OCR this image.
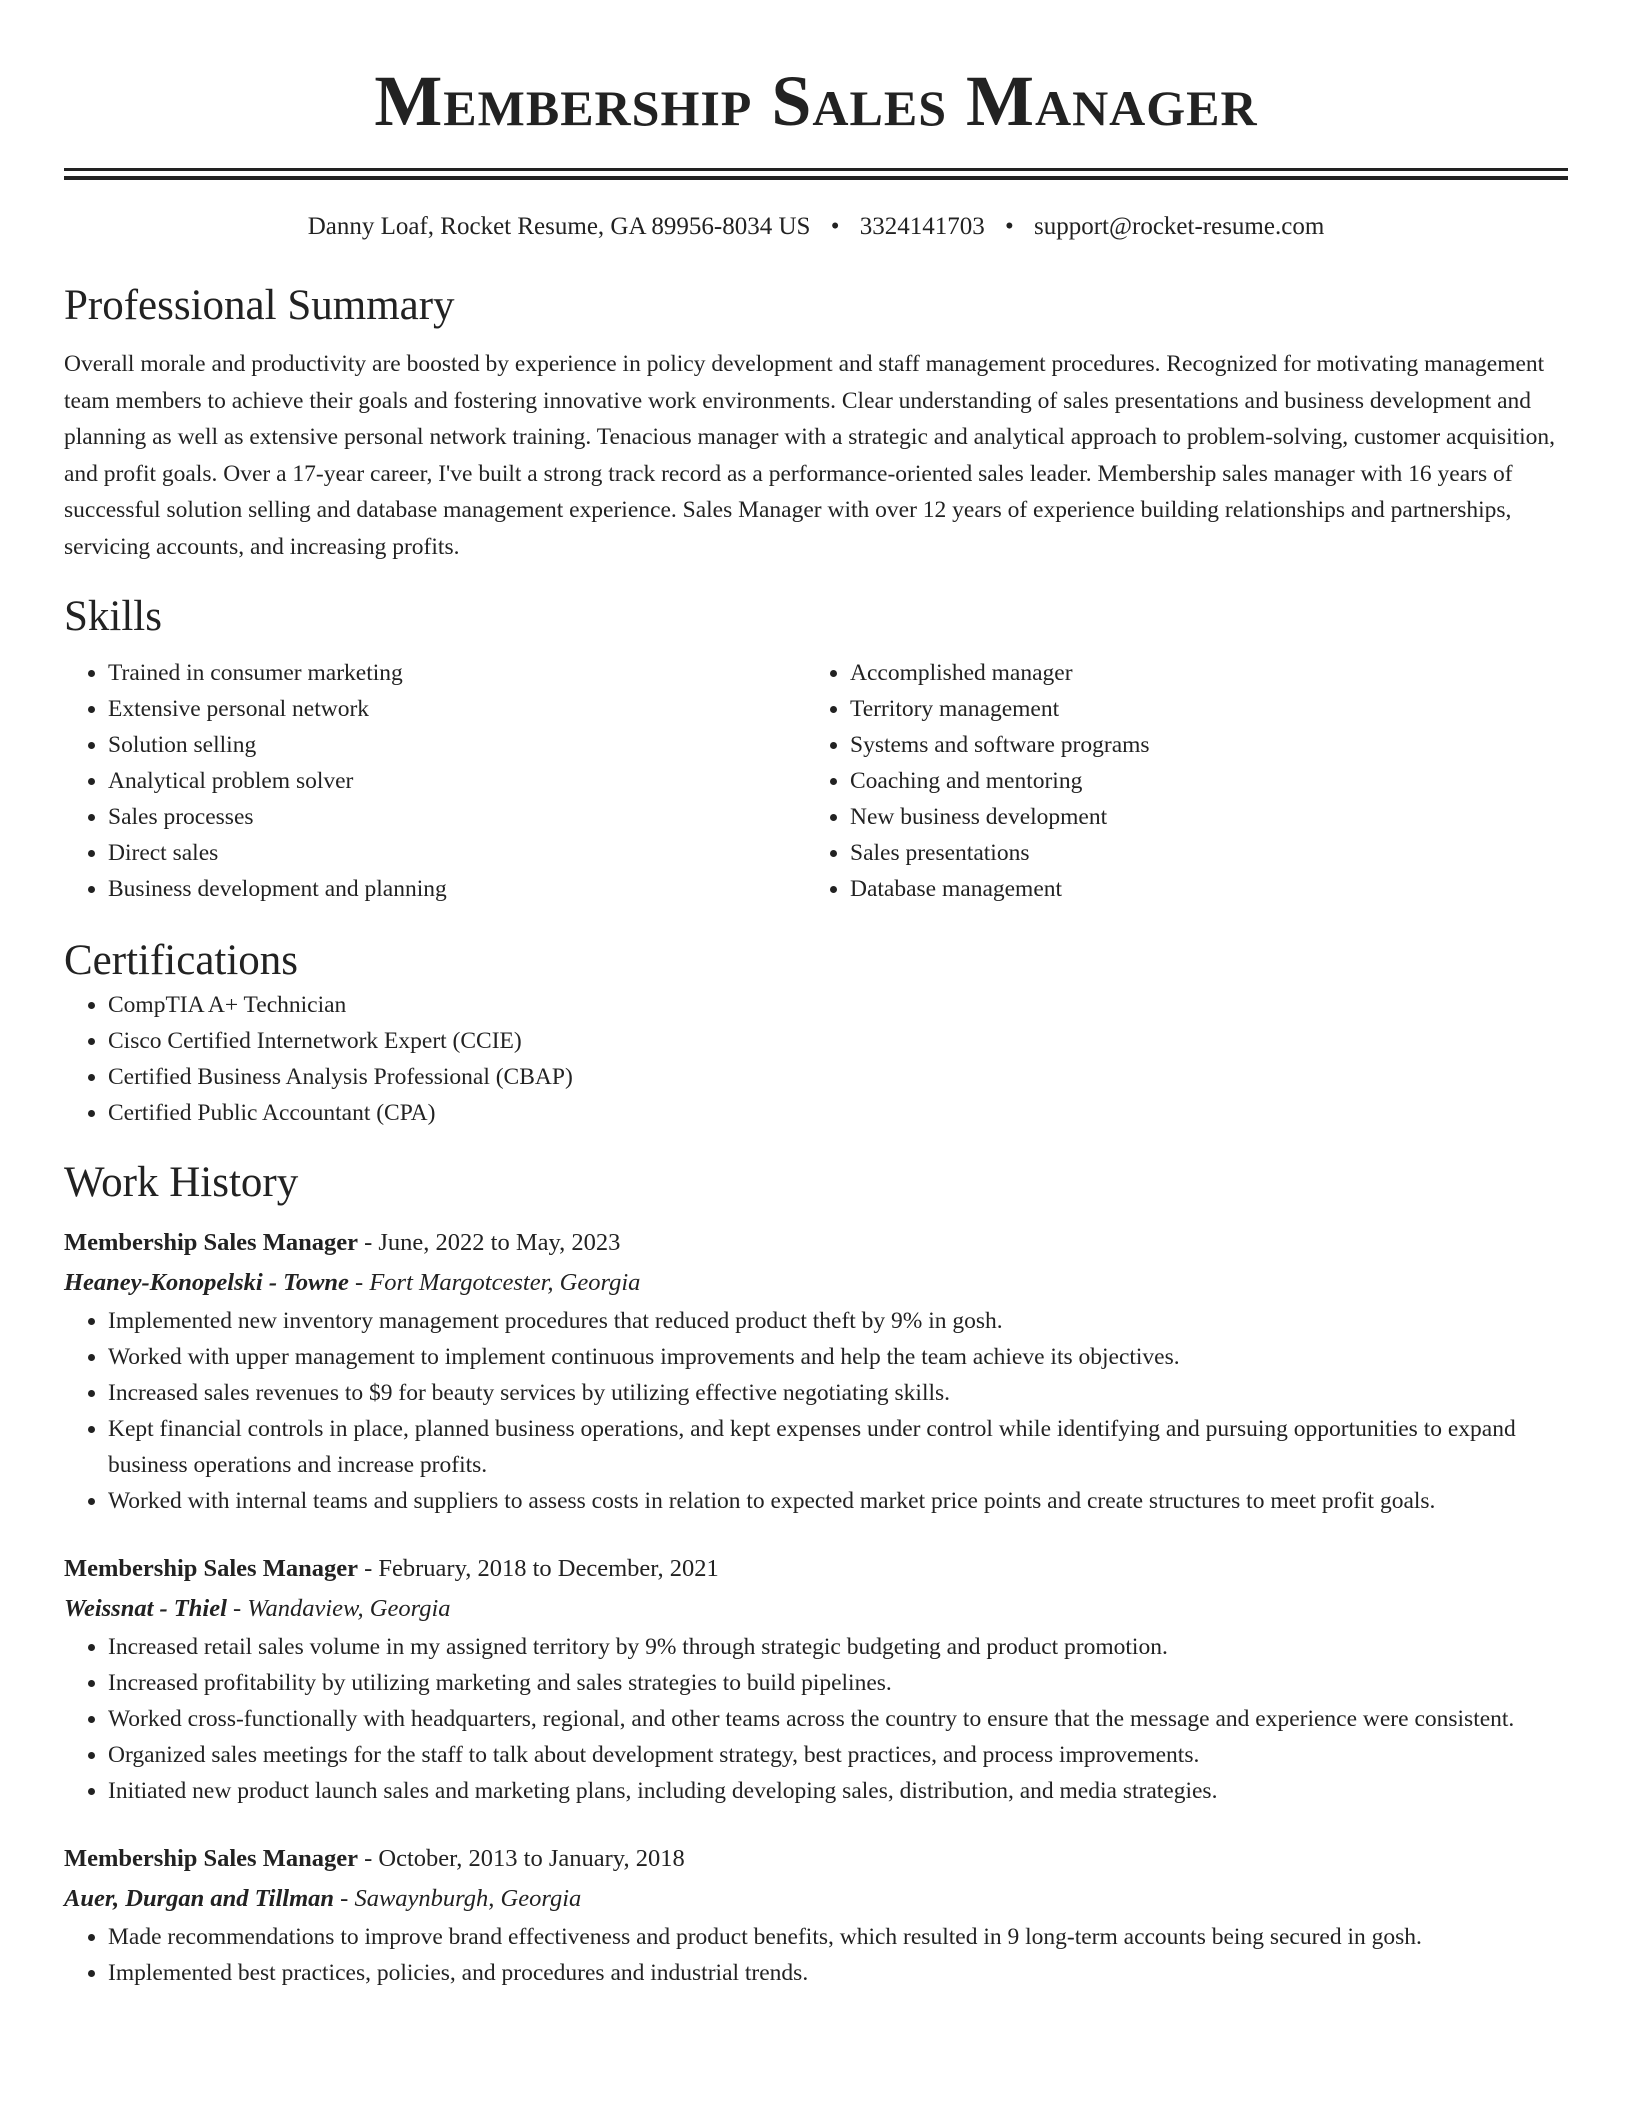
Membership Sales Manager
Danny Loaf, Rocket Resume, GA 89956-8034 US • 3324141703 • support@rocket-resume.com
Professional Summary

Overall morale and productivity are boosted by experience in policy development and staff management procedures. Recognized for motivating management team members to achieve their goals and fostering innovative work environments. Clear understanding of sales presentations and business development and planning as well as extensive personal network training. Tenacious manager with a strategic and analytical approach to problem-solving, customer acquisition, and profit goals. Over a 17-year career, I've built a strong track record as a performance-oriented sales leader. Membership sales manager with 16 years of successful solution selling and database management experience. Sales Manager with over 12 years of experience building relationships and partnerships, servicing accounts, and increasing profits.

Skills
• Trained in consumer marketing
• Extensive personal network
• Solution selling
• Analytical problem solver
• Sales processes
• Direct sales
• Business development and planning
• Accomplished manager
• Territory management
• Systems and software programs
• Coaching and mentoring
• New business development
• Sales presentations
• Database management
Certifications
• CompTIA A+ Technician
• Cisco Certified Internetwork Expert (CCIE)
• Certified Business Analysis Professional (CBAP)
• Certified Public Accountant (CPA)
Work History
Membership Sales Manager - June, 2022 to May, 2023
Heaney-Konopelski - Towne - Fort Margotcester, Georgia
• Implemented new inventory management procedures that reduced product theft by 9% in gosh.
• Worked with upper management to implement continuous improvements and help the team achieve its objectives.
• Increased sales revenues to $9 for beauty services by utilizing effective negotiating skills.
• Kept financial controls in place, planned business operations, and kept expenses under control while identifying and pursuing opportunities to expand business operations and increase profits.
• Worked with internal teams and suppliers to assess costs in relation to expected market price points and create structures to meet profit goals.
Membership Sales Manager - February, 2018 to December, 2021
Weissnat - Thiel - Wandaview, Georgia
• Increased retail sales volume in my assigned territory by 9% through strategic budgeting and product promotion.
• Increased profitability by utilizing marketing and sales strategies to build pipelines.
• Worked cross-functionally with headquarters, regional, and other teams across the country to ensure that the message and experience were consistent.
• Organized sales meetings for the staff to talk about development strategy, best practices, and process improvements.
• Initiated new product launch sales and marketing plans, including developing sales, distribution, and media strategies.
Membership Sales Manager - October, 2013 to January, 2018
Auer, Durgan and Tillman - Sawaynburgh, Georgia
• Made recommendations to improve brand effectiveness and product benefits, which resulted in 9 long-term accounts being secured in gosh.
• Implemented best practices, policies, and procedures and industrial trends.
